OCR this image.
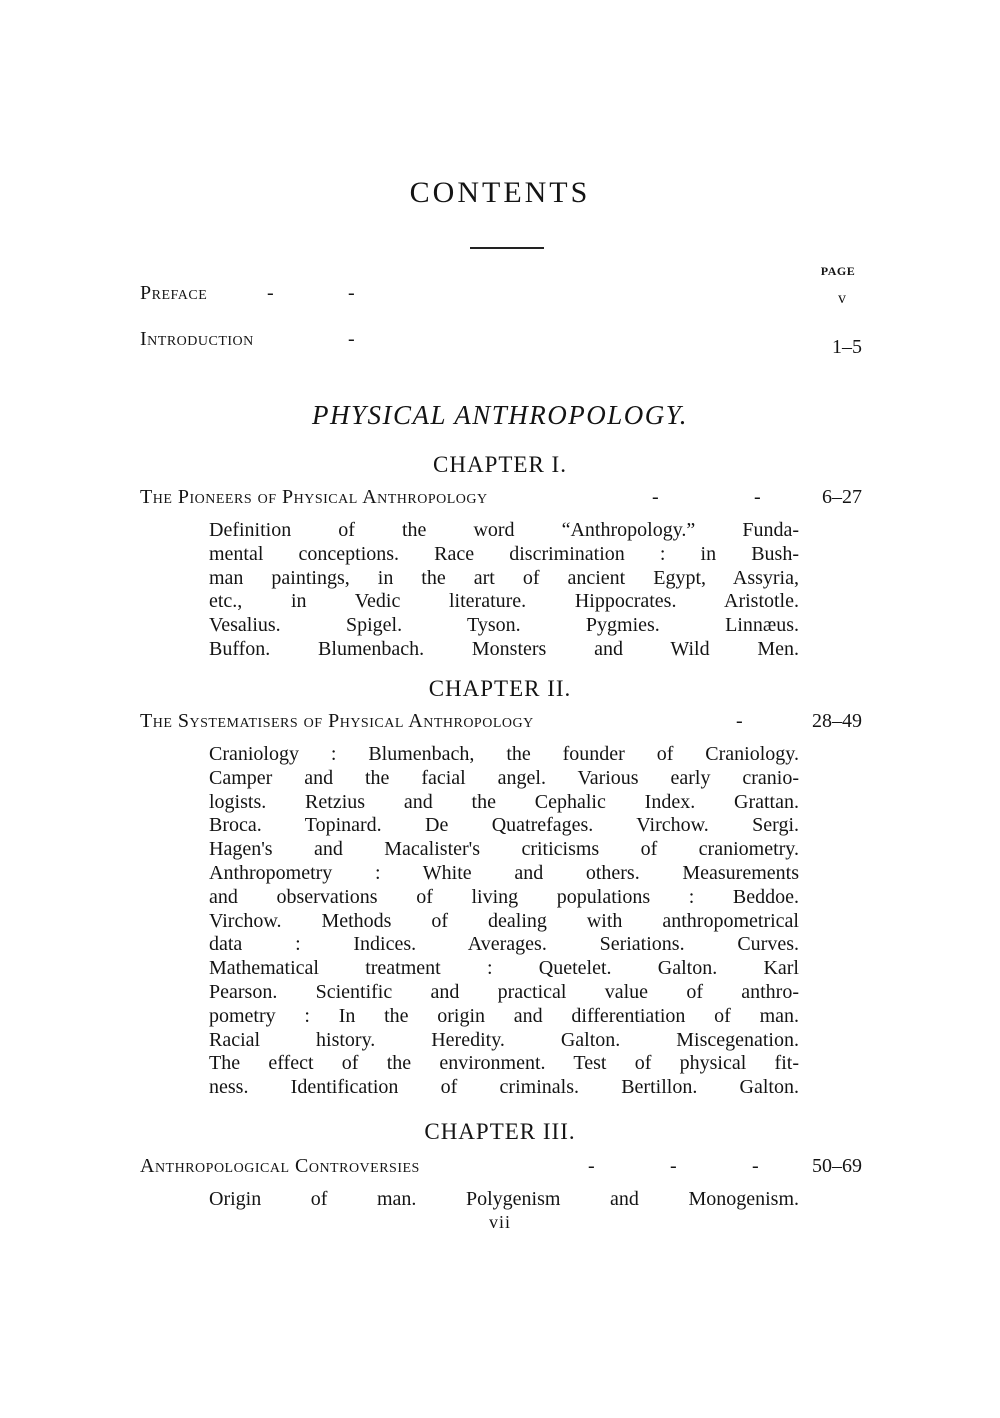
CONTENTS
PAGE
Preface	-	-	v
Introduction	-	1–5
PHYSICAL ANTHROPOLOGY.
CHAPTER I.
The Pioneers of Physical Anthropology	-	-	6–27
Definition of the word “Anthropology.” Funda-
mental conceptions. Race discrimination : in Bush-
man paintings, in the art of ancient Egypt, Assyria,
etc., in Vedic literature. Hippocrates. Aristotle.
Vesalius. Spigel. Tyson. Pygmies. Linnæus.
Buffon. Blumenbach. Monsters and Wild Men.
CHAPTER II.
The Systematisers of Physical Anthropology	-	28–49
Craniology : Blumenbach, the founder of Craniology.
Camper and the facial angel. Various early cranio-
logists. Retzius and the Cephalic Index. Grattan.
Broca. Topinard. De Quatrefages. Virchow. Sergi.
Hagen's and Macalister's criticisms of craniometry.
Anthropometry : White and others. Measurements
and observations of living populations : Beddoe.
Virchow. Methods of dealing with anthropometrical
data : Indices. Averages. Seriations. Curves.
Mathematical treatment : Quetelet. Galton. Karl
Pearson. Scientific and practical value of anthro-
pometry : In the origin and differentiation of man.
Racial history. Heredity. Galton. Miscegenation.
The effect of the environment. Test of physical fit-
ness. Identification of criminals. Bertillon. Galton.
CHAPTER III.
Anthropological Controversies	-	-	-	50–69
Origin of man. Polygenism and Monogenism.
vii
